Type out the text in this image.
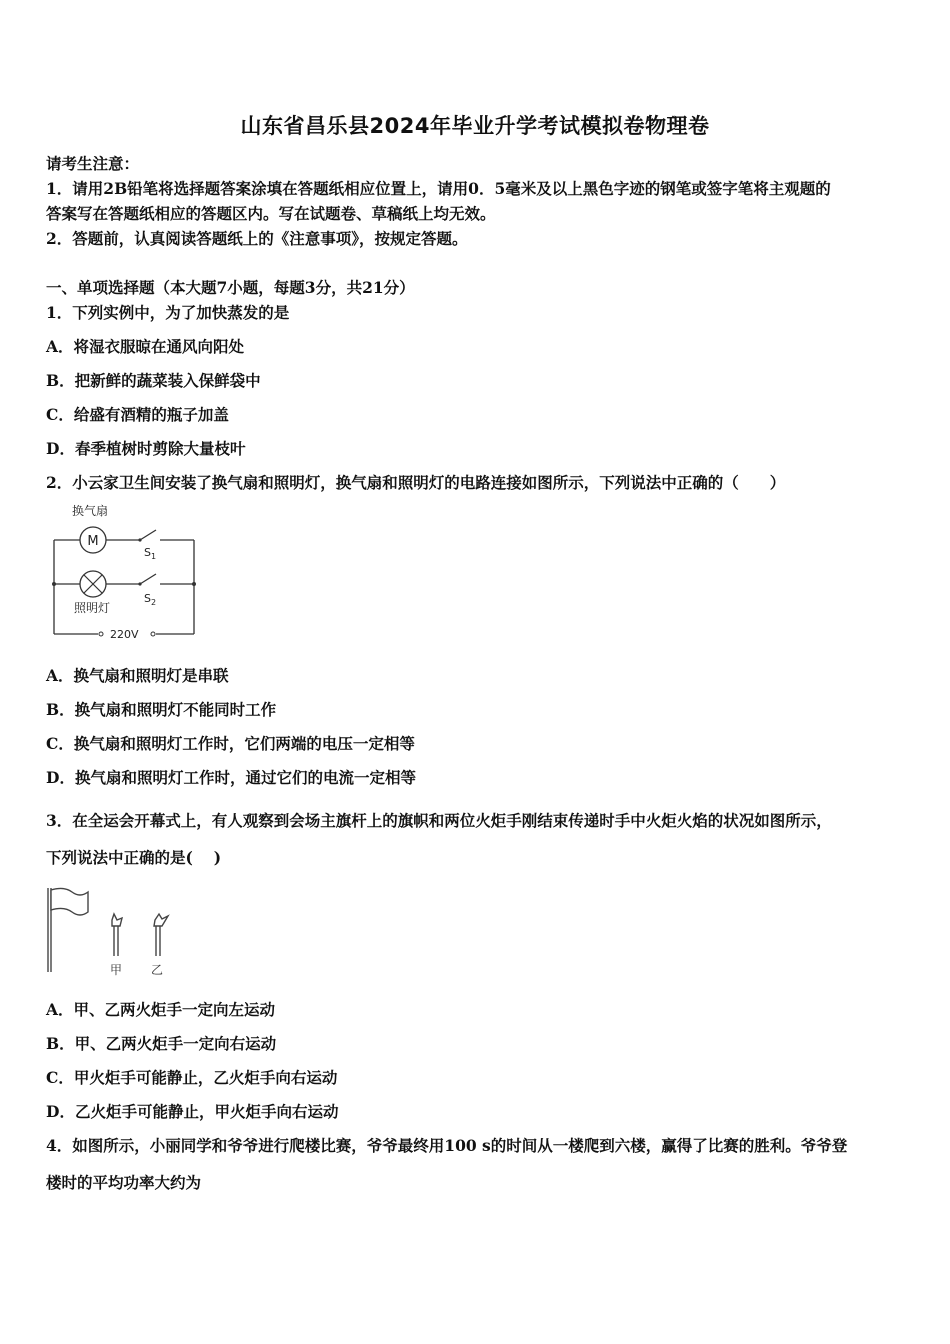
山东省昌乐县2024年毕业升学考试模拟卷物理卷
请考生注意：
1．请用2B铅笔将选择题答案涂填在答题纸相应位置上，请用0．5毫米及以上黑色字迹的钢笔或签字笔将主观题的
答案写在答题纸相应的答题区内。写在试题卷、草稿纸上均无效。
2．答题前，认真阅读答题纸上的《注意事项》，按规定答题。
一、单项选择题（本大题7小题，每题3分，共21分）
1．下列实例中，为了加快蒸发的是
A．将湿衣服晾在通风向阳处
B．把新鲜的蔬菜装入保鲜袋中
C．给盛有酒精的瓶子加盖
D．春季植树时剪除大量枝叶
2．小云家卫生间安装了换气扇和照明灯，换气扇和照明灯的电路连接如图所示，下列说法中正确的（　　）
M
换气扇
$S_1$
$S_2$
照明灯
220V
A．换气扇和照明灯是串联
B．换气扇和照明灯不能同时工作
C．换气扇和照明灯工作时，它们两端的电压一定相等
D．换气扇和照明灯工作时，通过它们的电流一定相等
3．在全运会开幕式上，有人观察到会场主旗杆上的旗帜和两位火炬手刚结束传递时手中火炬火焰的状况如图所示，
下列说法中正确的是(　 )
甲 乙
A．甲、乙两火炬手一定向左运动
B．甲、乙两火炬手一定向右运动
C．甲火炬手可能静止，乙火炬手向右运动
D．乙火炬手可能静止，甲火炬手向右运动
4．如图所示，小丽同学和爷爷进行爬楼比赛，爷爷最终用100 s的时间从一楼爬到六楼，赢得了比赛的胜利。爷爷登
楼时的平均功率大约为
